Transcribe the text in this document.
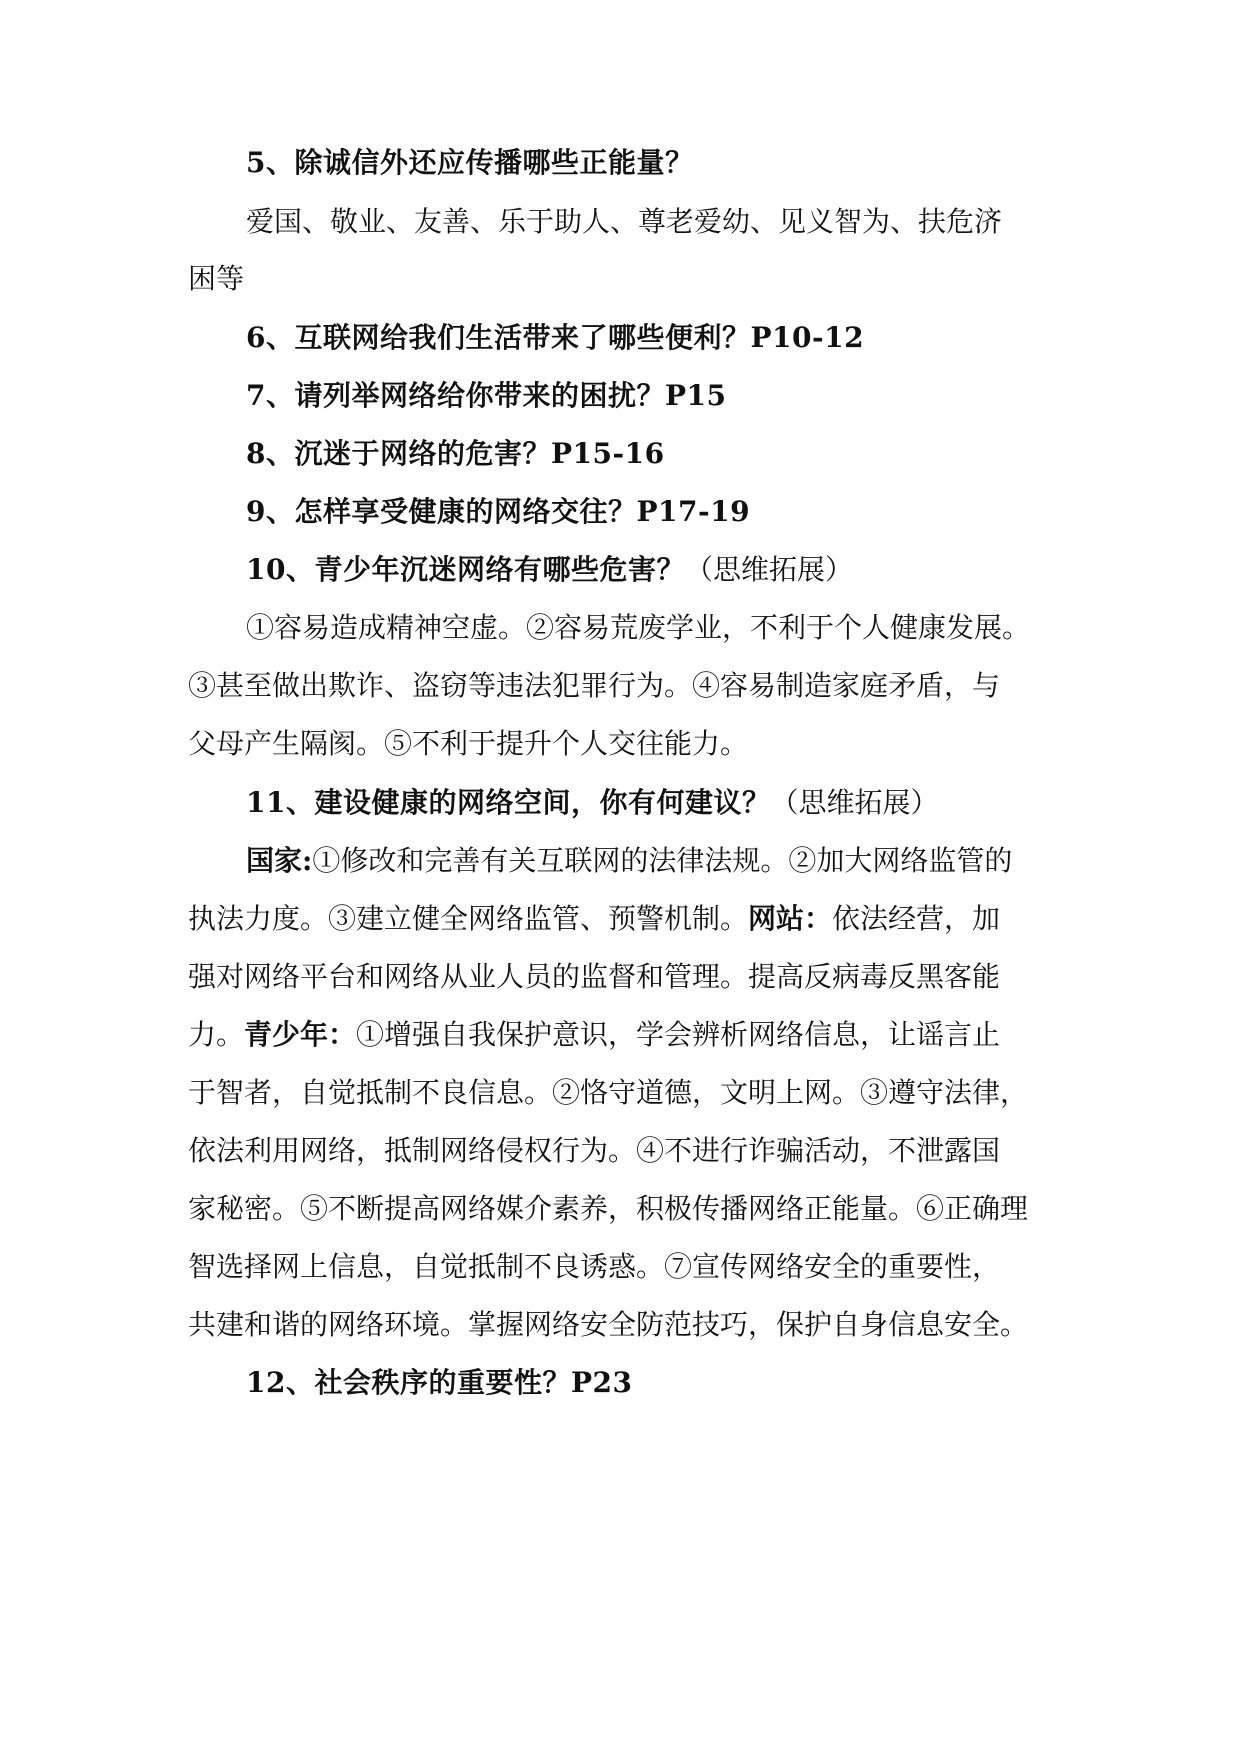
5、除诚信外还应传播哪些正能量？
爱国、敬业、友善、乐于助人、尊老爱幼、见义智为、扶危济
困等
6、互联网给我们生活带来了哪些便利？P10-12
7、请列举网络给你带来的困扰？P15
8、沉迷于网络的危害？P15-16
9、怎样享受健康的网络交往？P17-19
10、青少年沉迷网络有哪些危害？（思维拓展）
①容易造成精神空虚。②容易荒废学业，不利于个人健康发展。
③甚至做出欺诈、盗窃等违法犯罪行为。④容易制造家庭矛盾，与
父母产生隔阂。⑤不利于提升个人交往能力。
11、建设健康的网络空间，你有何建议？（思维拓展）
国家:①修改和完善有关互联网的法律法规。②加大网络监管的
执法力度。③建立健全网络监管、预警机制。网站：依法经营，加
强对网络平台和网络从业人员的监督和管理。提高反病毒反黑客能
力。青少年：①增强自我保护意识，学会辨析网络信息，让谣言止
于智者，自觉抵制不良信息。②恪守道德，文明上网。③遵守法律，
依法利用网络，抵制网络侵权行为。④不进行诈骗活动，不泄露国
家秘密。⑤不断提高网络媒介素养，积极传播网络正能量。⑥正确理
智选择网上信息，自觉抵制不良诱惑。⑦宣传网络安全的重要性，
共建和谐的网络环境。掌握网络安全防范技巧，保护自身信息安全。
12、社会秩序的重要性？P23
